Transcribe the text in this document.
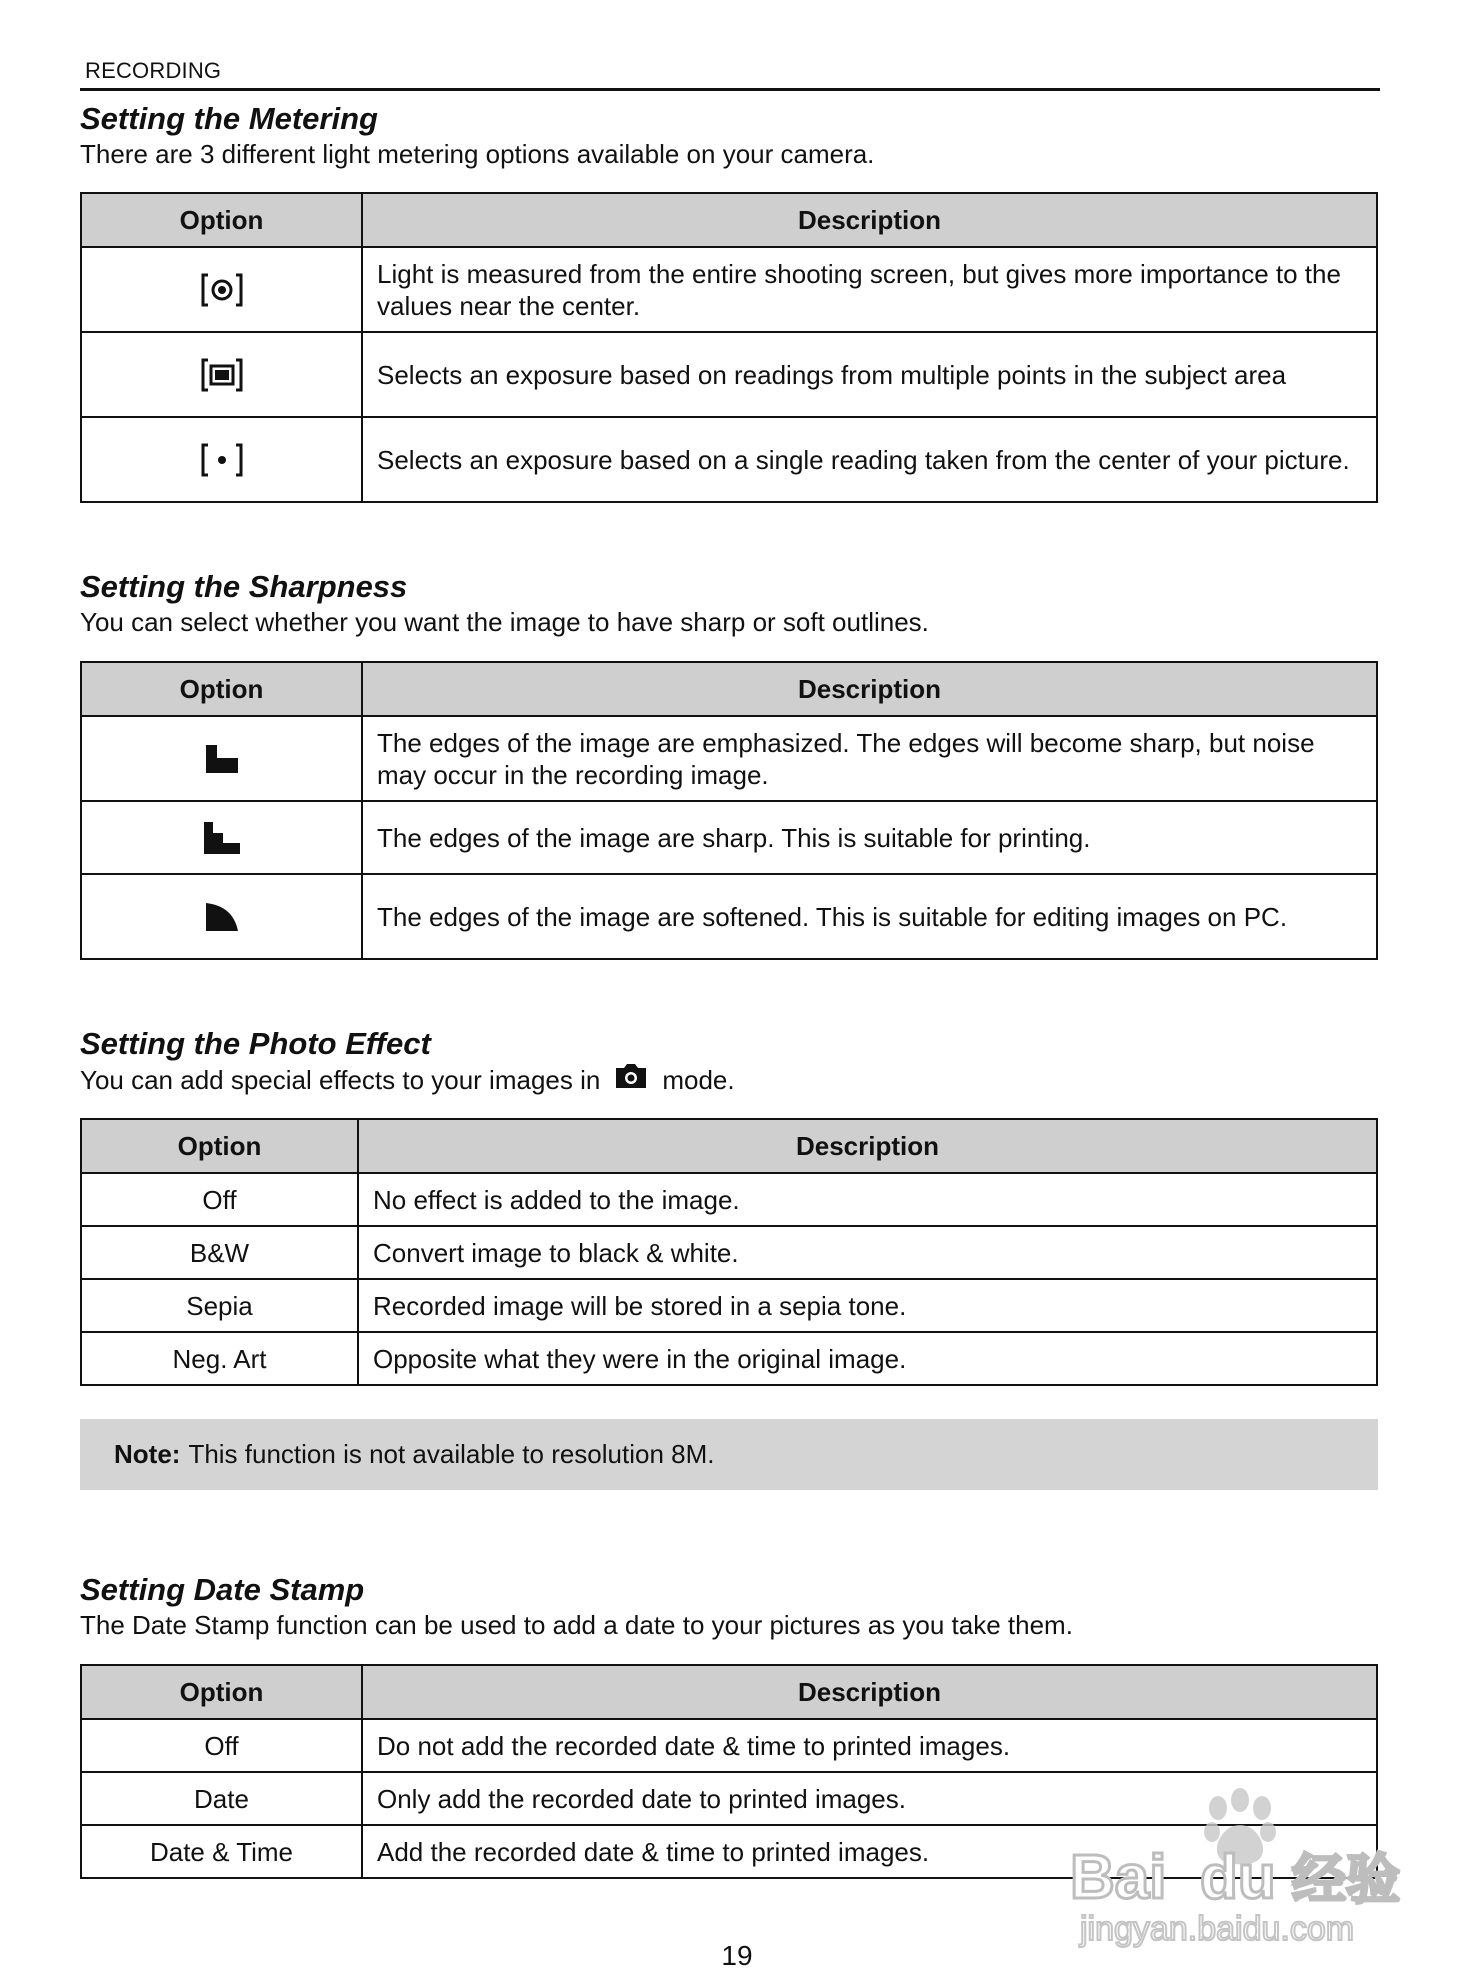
RECORDING
Setting the Metering

There are 3 different light metering options available on your camera.

Option	Description

	Light is measured from the entire shooting screen, but gives more importance to the values near the center.

	Selects an exposure based on readings from multiple points in the subject area

	Selects an exposure based on a single reading taken from the center of your picture.
Setting the Sharpness

You can select whether you want the image to have sharp or soft outlines.

Option	Description

	The edges of the image are emphasized. The edges will become sharp, but noise may occur in the recording image.

	The edges of the image are sharp. This is suitable for printing.

	The edges of the image are softened. This is suitable for editing images on PC.
Setting the Photo Effect

You can add special effects to your images in mode.

Option	Description
Off	No effect is added to the image.
B&W	Convert image to black & white.
Sepia	Recorded image will be stored in a sepia tone.
Neg. Art	Opposite what they were in the original image.
Note: This function is not available to resolution 8M.
Setting Date Stamp

The Date Stamp function can be used to add a date to your pictures as you take them.

Option	Description
Off	Do not add the recorded date & time to printed images.
Date	Only add the recorded date to printed images.
Date & Time	Add the recorded date & time to printed images.
19
Bai du 经验
jingyan.baidu.com
